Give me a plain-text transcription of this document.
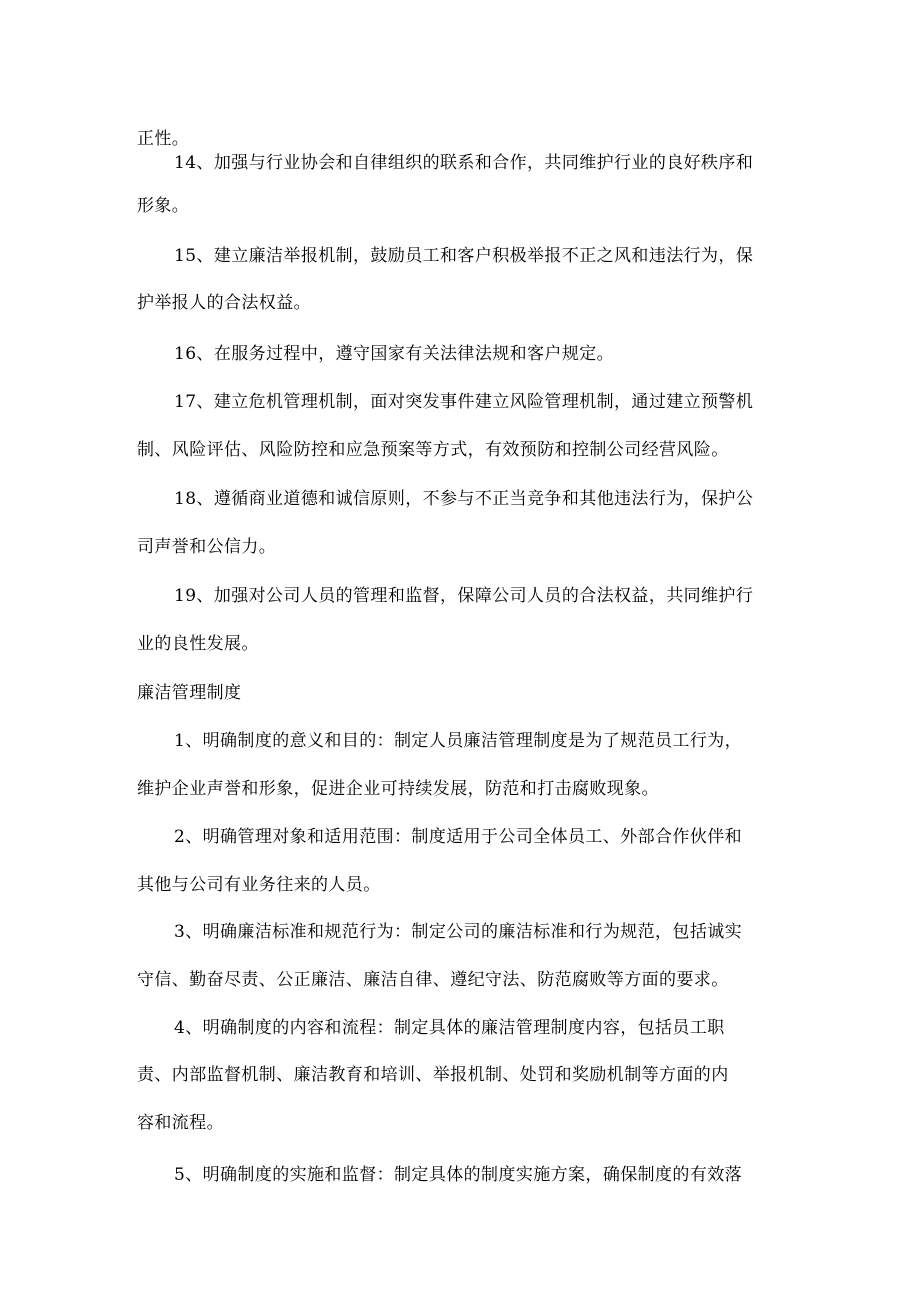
正性。
14、加强与行业协会和自律组织的联系和合作，共同维护行业的良好秩序和
形象。
15、建立廉洁举报机制，鼓励员工和客户积极举报不正之风和违法行为，保
护举报人的合法权益。
16、在服务过程中，遵守国家有关法律法规和客户规定。
17、建立危机管理机制，面对突发事件建立风险管理机制，通过建立预警机
制、风险评估、风险防控和应急预案等方式，有效预防和控制公司经营风险。
18、遵循商业道德和诚信原则，不参与不正当竞争和其他违法行为，保护公
司声誉和公信力。
19、加强对公司人员的管理和监督，保障公司人员的合法权益，共同维护行
业的良性发展。
廉洁管理制度
1、明确制度的意义和目的：制定人员廉洁管理制度是为了规范员工行为，
维护企业声誉和形象，促进企业可持续发展，防范和打击腐败现象。
2、明确管理对象和适用范围：制度适用于公司全体员工、外部合作伙伴和
其他与公司有业务往来的人员。
3、明确廉洁标准和规范行为：制定公司的廉洁标准和行为规范，包括诚实
守信、勤奋尽责、公正廉洁、廉洁自律、遵纪守法、防范腐败等方面的要求。
4、明确制度的内容和流程：制定具体的廉洁管理制度内容，包括员工职
责、内部监督机制、廉洁教育和培训、举报机制、处罚和奖励机制等方面的内
容和流程。
5、明确制度的实施和监督：制定具体的制度实施方案，确保制度的有效落
